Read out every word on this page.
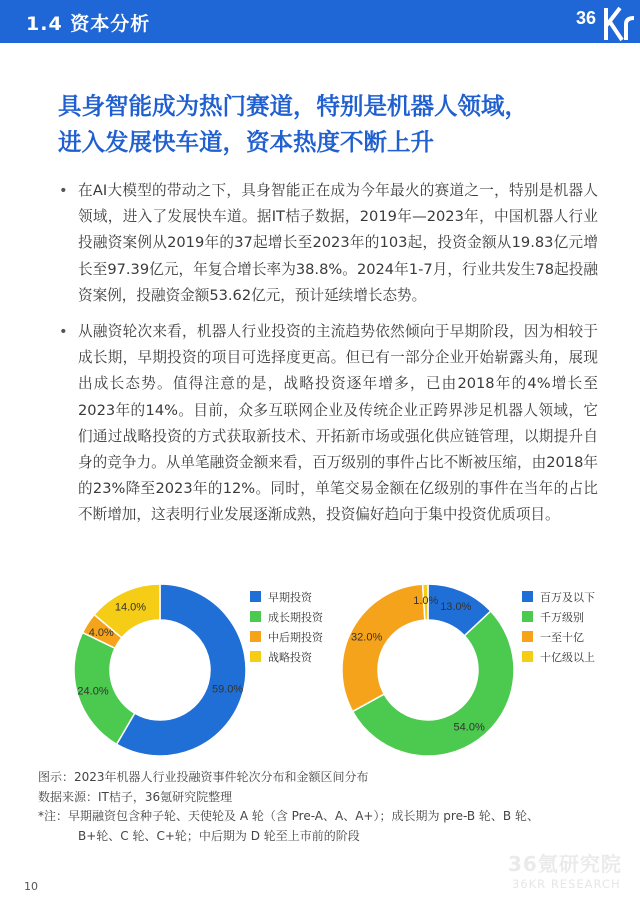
1.4 资本分析	36
具身智能成为热门赛道，特别是机器人领域，
进入发展快车道，资本热度不断上升
• 在AI大模型的带动之下，具身智能正在成为今年最火的赛道之一，特别是机器人领域，进入了发展快车道。据IT桔子数据，2019年—2023年，中国机器人行业投融资案例从2019年的37起增长至2023年的103起，投资金额从19.83亿元增长至97.39亿元，年复合增长率为38.8%。2024年1-7月，行业共发生78起投融资案例，投融资金额53.62亿元，预计延续增长态势。
• 从融资轮次来看，机器人行业投资的主流趋势依然倾向于早期阶段，因为相较于成长期，早期投资的项目可选择度更高。但已有一部分企业开始崭露头角，展现出成长态势。值得注意的是，战略投资逐年增多，已由2018年的4%增长至2023年的14%。目前，众多互联网企业及传统企业正跨界涉足机器人领域，它们通过战略投资的方式获取新技术、开拓新市场或强化供应链管理，以期提升自身的竞争力。从单笔融资金额来看，百万级别的事件占比不断被压缩，由2018年的23%降至2023年的12%。同时，单笔交易金额在亿级别的事件在当年的占比不断增加，这表明行业发展逐渐成熟，投资偏好趋向于集中投资优质项目。
59.0%
24.0%
4.0%
14.0%
早期投资
成长期投资
中后期投资
战略投资
13.0%
54.0%
32.0%
1.0%	百万及以下
千万级别
一至十亿
十亿级以上
图示：2023年机器人行业投融资事件轮次分布和金额区间分布
数据来源：IT桔子，36氪研究院整理
*注：早期融资包含种子轮、天使轮及 A 轮（含 Pre-A、A、A+）；成长期为 pre-B 轮、B 轮、
B+轮、C 轮、C+轮；中后期为 D 轮至上市前的阶段
10
36氪研究院
36KR RESEARCH
